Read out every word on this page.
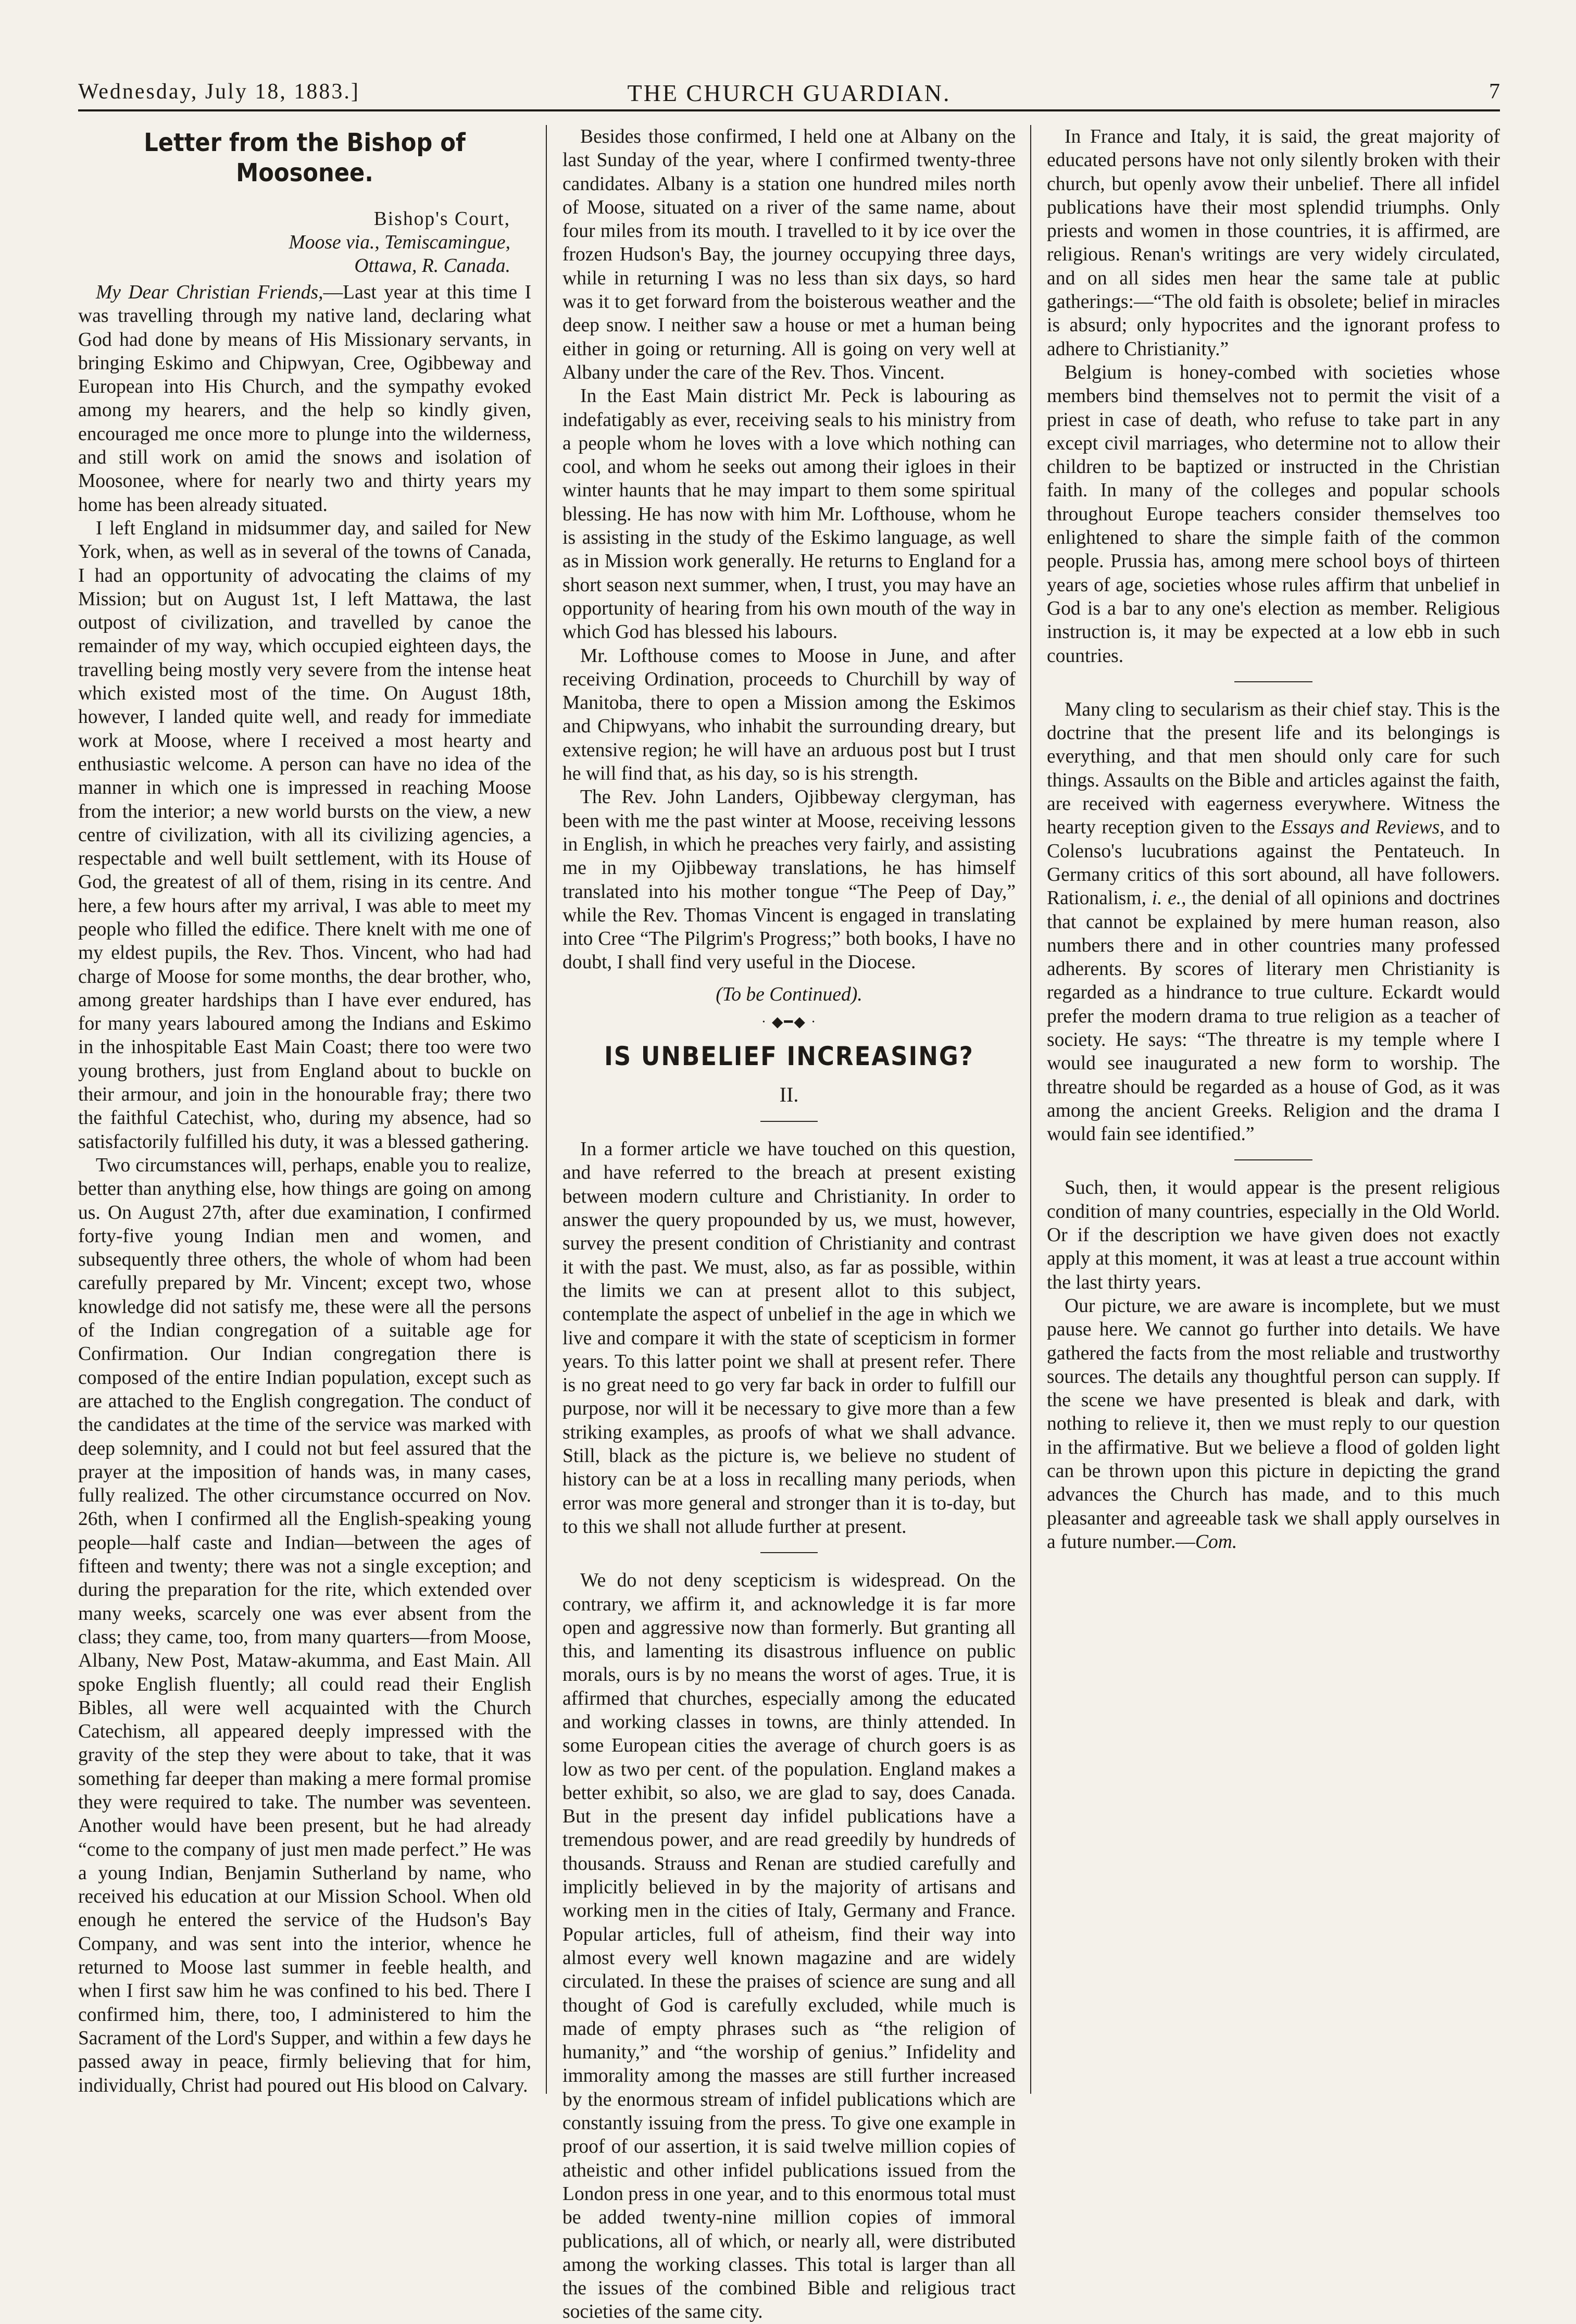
Wednesday, July 18, 1883.]	THE CHURCH GUARDIAN.	7
Letter from the Bishop of Moosonee.
Bishop's Court,
Moose via., Temiscamingue,
Ottawa, R. Canada.

My Dear Christian Friends,—Last year at this time I was travelling through my native land, declaring what God had done by means of His Missionary servants, in bringing Eskimo and Chipwyan, Cree, Ogibbeway and European into His Church, and the sympathy evoked among my hearers, and the help so kindly given, encouraged me once more to plunge into the wilderness, and still work on amid the snows and isolation of Moosonee, where for nearly two and thirty years my home has been already situated.

I left England in midsummer day, and sailed for New York, when, as well as in several of the towns of Canada, I had an opportunity of advocating the claims of my Mission; but on August 1st, I left Mattawa, the last outpost of civilization, and travelled by canoe the remainder of my way, which occupied eighteen days, the travelling being mostly very severe from the intense heat which existed most of the time. On August 18th, however, I landed quite well, and ready for immediate work at Moose, where I received a most hearty and enthusiastic welcome. A person can have no idea of the manner in which one is impressed in reaching Moose from the interior; a new world bursts on the view, a new centre of civilization, with all its civilizing agencies, a respectable and well built settlement, with its House of God, the greatest of all of them, rising in its centre. And here, a few hours after my arrival, I was able to meet my people who filled the edifice. There knelt with me one of my eldest pupils, the Rev. Thos. Vincent, who had had charge of Moose for some months, the dear brother, who, among greater hardships than I have ever endured, has for many years laboured among the Indians and Eskimo in the inhospitable East Main Coast; there too were two young brothers, just from England about to buckle on their armour, and join in the honourable fray; there two the faithful Catechist, who, during my absence, had so satisfactorily fulfilled his duty, it was a blessed gathering.

Two circumstances will, perhaps, enable you to realize, better than anything else, how things are going on among us. On August 27th, after due examination, I confirmed forty-five young Indian men and women, and subsequently three others, the whole of whom had been carefully prepared by Mr. Vincent; except two, whose knowledge did not satisfy me, these were all the persons of the Indian congregation of a suitable age for Confirmation. Our Indian congregation there is composed of the entire Indian population, except such as are attached to the English congregation. The conduct of the candidates at the time of the service was marked with deep solemnity, and I could not but feel assured that the prayer at the imposition of hands was, in many cases, fully realized. The other circumstance occurred on Nov. 26th, when I confirmed all the English-speaking young people—half caste and Indian—between the ages of fifteen and twenty; there was not a single exception; and during the preparation for the rite, which extended over many weeks, scarcely one was ever absent from the class; they came, too, from many quarters—from Moose, Albany, New Post, Mataw-akumma, and East Main. All spoke English fluently; all could read their English Bibles, all were well acquainted with the Church Catechism, all appeared deeply impressed with the gravity of the step they were about to take, that it was something far deeper than making a mere formal promise they were required to take. The number was seventeen. Another would have been present, but he had already “come to the company of just men made perfect.” He was a young Indian, Benjamin Sutherland by name, who received his education at our Mission School. When old enough he entered the service of the Hudson's Bay Company, and was sent into the interior, whence he returned to Moose last summer in feeble health, and when I first saw him he was confined to his bed. There I confirmed him, there, too, I administered to him the Sacrament of the Lord's Supper, and within a few days he passed away in peace, firmly believing that for him, individually, Christ had poured out His blood on Calvary.

Besides those confirmed, I held one at Albany on the last Sunday of the year, where I confirmed twenty-three candidates. Albany is a station one hundred miles north of Moose, situated on a river of the same name, about four miles from its mouth. I travelled to it by ice over the frozen Hudson's Bay, the journey occupying three days, while in returning I was no less than six days, so hard was it to get forward from the boisterous weather and the deep snow. I neither saw a house or met a human being either in going or returning. All is going on very well at Albany under the care of the Rev. Thos. Vincent.

In the East Main district Mr. Peck is labouring as indefatigably as ever, receiving seals to his ministry from a people whom he loves with a love which nothing can cool, and whom he seeks out among their igloes in their winter haunts that he may impart to them some spiritual blessing. He has now with him Mr. Lofthouse, whom he is assisting in the study of the Eskimo language, as well as in Mission work generally. He returns to England for a short season next summer, when, I trust, you may have an opportunity of hearing from his own mouth of the way in which God has blessed his labours.

Mr. Lofthouse comes to Moose in June, and after receiving Ordination, proceeds to Churchill by way of Manitoba, there to open a Mission among the Eskimos and Chipwyans, who inhabit the surrounding dreary, but extensive region; he will have an arduous post but I trust he will find that, as his day, so is his strength.

The Rev. John Landers, Ojibbeway clergyman, has been with me the past winter at Moose, receiving lessons in English, in which he preaches very fairly, and assisting me in my Ojibbeway translations, he has himself translated into his mother tongue “The Peep of Day,” while the Rev. Thomas Vincent is engaged in translating into Cree “The Pilgrim's Progress;” both books, I have no doubt, I shall find very useful in the Diocese.

(To be Continued).
· ◆━◆ ·
IS UNBELIEF INCREASING?
II.

In a former article we have touched on this question, and have referred to the breach at present existing between modern culture and Christianity. In order to answer the query propounded by us, we must, however, survey the present condition of Christianity and contrast it with the past. We must, also, as far as possible, within the limits we can at present allot to this subject, contemplate the aspect of unbelief in the age in which we live and compare it with the state of scepticism in former years. To this latter point we shall at present refer. There is no great need to go very far back in order to fulfill our purpose, nor will it be necessary to give more than a few striking examples, as proofs of what we shall advance. Still, black as the picture is, we believe no student of history can be at a loss in recalling many periods, when error was more general and stronger than it is to-day, but to this we shall not allude further at present.

We do not deny scepticism is widespread. On the contrary, we affirm it, and acknowledge it is far more open and aggressive now than formerly. But granting all this, and lamenting its disastrous influence on public morals, ours is by no means the worst of ages. True, it is affirmed that churches, especially among the educated and working classes in towns, are thinly attended. In some European cities the average of church goers is as low as two per cent. of the population. England makes a better exhibit, so also, we are glad to say, does Canada. But in the present day infidel publications have a tremendous power, and are read greedily by hundreds of thousands. Strauss and Renan are studied carefully and implicitly believed in by the majority of artisans and working men in the cities of Italy, Germany and France. Popular articles, full of atheism, find their way into almost every well known magazine and are widely circulated. In these the praises of science are sung and all thought of God is carefully excluded, while much is made of empty phrases such as “the religion of humanity,” and “the worship of genius.” Infidelity and immorality among the masses are still further increased by the enormous stream of infidel publications which are constantly issuing from the press. To give one example in proof of our assertion, it is said twelve million copies of atheistic and other infidel publications issued from the London press in one year, and to this enormous total must be added twenty-nine million copies of immoral publications, all of which, or nearly all, were distributed among the working classes. This total is larger than all the issues of the combined Bible and religious tract societies of the same city.

In France and Italy, it is said, the great majority of educated persons have not only silently broken with their church, but openly avow their unbelief. There all infidel publications have their most splendid triumphs. Only priests and women in those countries, it is affirmed, are religious. Renan's writings are very widely circulated, and on all sides men hear the same tale at public gatherings:—“The old faith is obsolete; belief in miracles is absurd; only hypocrites and the ignorant profess to adhere to Christianity.”

Belgium is honey-combed with societies whose members bind themselves not to permit the visit of a priest in case of death, who refuse to take part in any except civil marriages, who determine not to allow their children to be baptized or instructed in the Christian faith. In many of the colleges and popular schools throughout Europe teachers consider themselves too enlightened to share the simple faith of the common people. Prussia has, among mere school boys of thirteen years of age, societies whose rules affirm that unbelief in God is a bar to any one's election as member. Religious instruction is, it may be expected at a low ebb in such countries.

Many cling to secularism as their chief stay. This is the doctrine that the present life and its belongings is everything, and that men should only care for such things. Assaults on the Bible and articles against the faith, are received with eagerness everywhere. Witness the hearty reception given to the Essays and Reviews, and to Colenso's lucubrations against the Pentateuch. In Germany critics of this sort abound, all have followers. Rationalism, i. e., the denial of all opinions and doctrines that cannot be explained by mere human reason, also numbers there and in other countries many professed adherents. By scores of literary men Christianity is regarded as a hindrance to true culture. Eckardt would prefer the modern drama to true religion as a teacher of society. He says: “The threatre is my temple where I would see inaugurated a new form to worship. The threatre should be regarded as a house of God, as it was among the ancient Greeks. Religion and the drama I would fain see identified.”

Such, then, it would appear is the present religious condition of many countries, especially in the Old World. Or if the description we have given does not exactly apply at this moment, it was at least a true account within the last thirty years.

Our picture, we are aware is incomplete, but we must pause here. We cannot go further into details. We have gathered the facts from the most reliable and trustworthy sources. The details any thoughtful person can supply. If the scene we have presented is bleak and dark, with nothing to relieve it, then we must reply to our question in the affirmative. But we believe a flood of golden light can be thrown upon this picture in depicting the grand advances the Church has made, and to this much pleasanter and agreeable task we shall apply ourselves in a future number.—Com.
